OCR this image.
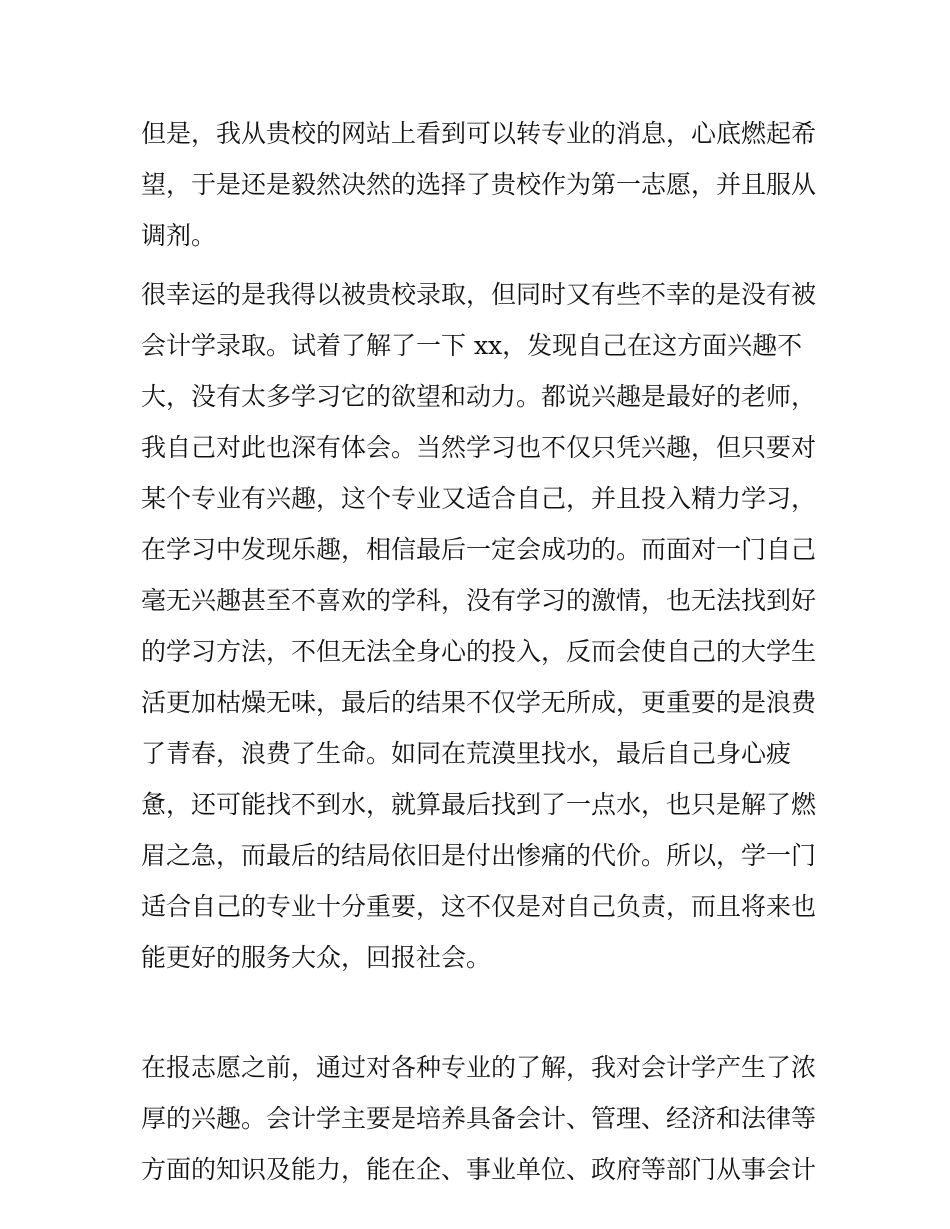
但是，我从贵校的网站上看到可以转专业的消息，心底燃起希
望，于是还是毅然决然的选择了贵校作为第一志愿，并且服从
调剂。
很幸运的是我得以被贵校录取，但同时又有些不幸的是没有被
会计学录取。试着了解了一下 xx，发现自己在这方面兴趣不
大，没有太多学习它的欲望和动力。都说兴趣是最好的老师，
我自己对此也深有体会。当然学习也不仅只凭兴趣，但只要对
某个专业有兴趣，这个专业又适合自己，并且投入精力学习，
在学习中发现乐趣，相信最后一定会成功的。而面对一门自己
毫无兴趣甚至不喜欢的学科，没有学习的激情，也无法找到好
的学习方法，不但无法全身心的投入，反而会使自己的大学生
活更加枯燥无味，最后的结果不仅学无所成，更重要的是浪费
了青春，浪费了生命。如同在荒漠里找水，最后自己身心疲
惫，还可能找不到水，就算最后找到了一点水，也只是解了燃
眉之急，而最后的结局依旧是付出惨痛的代价。所以，学一门
适合自己的专业十分重要，这不仅是对自己负责，而且将来也
能更好的服务大众，回报社会。
在报志愿之前，通过对各种专业的了解，我对会计学产生了浓
厚的兴趣。会计学主要是培养具备会计、管理、经济和法律等
方面的知识及能力，能在企、事业单位、政府等部门从事会计
